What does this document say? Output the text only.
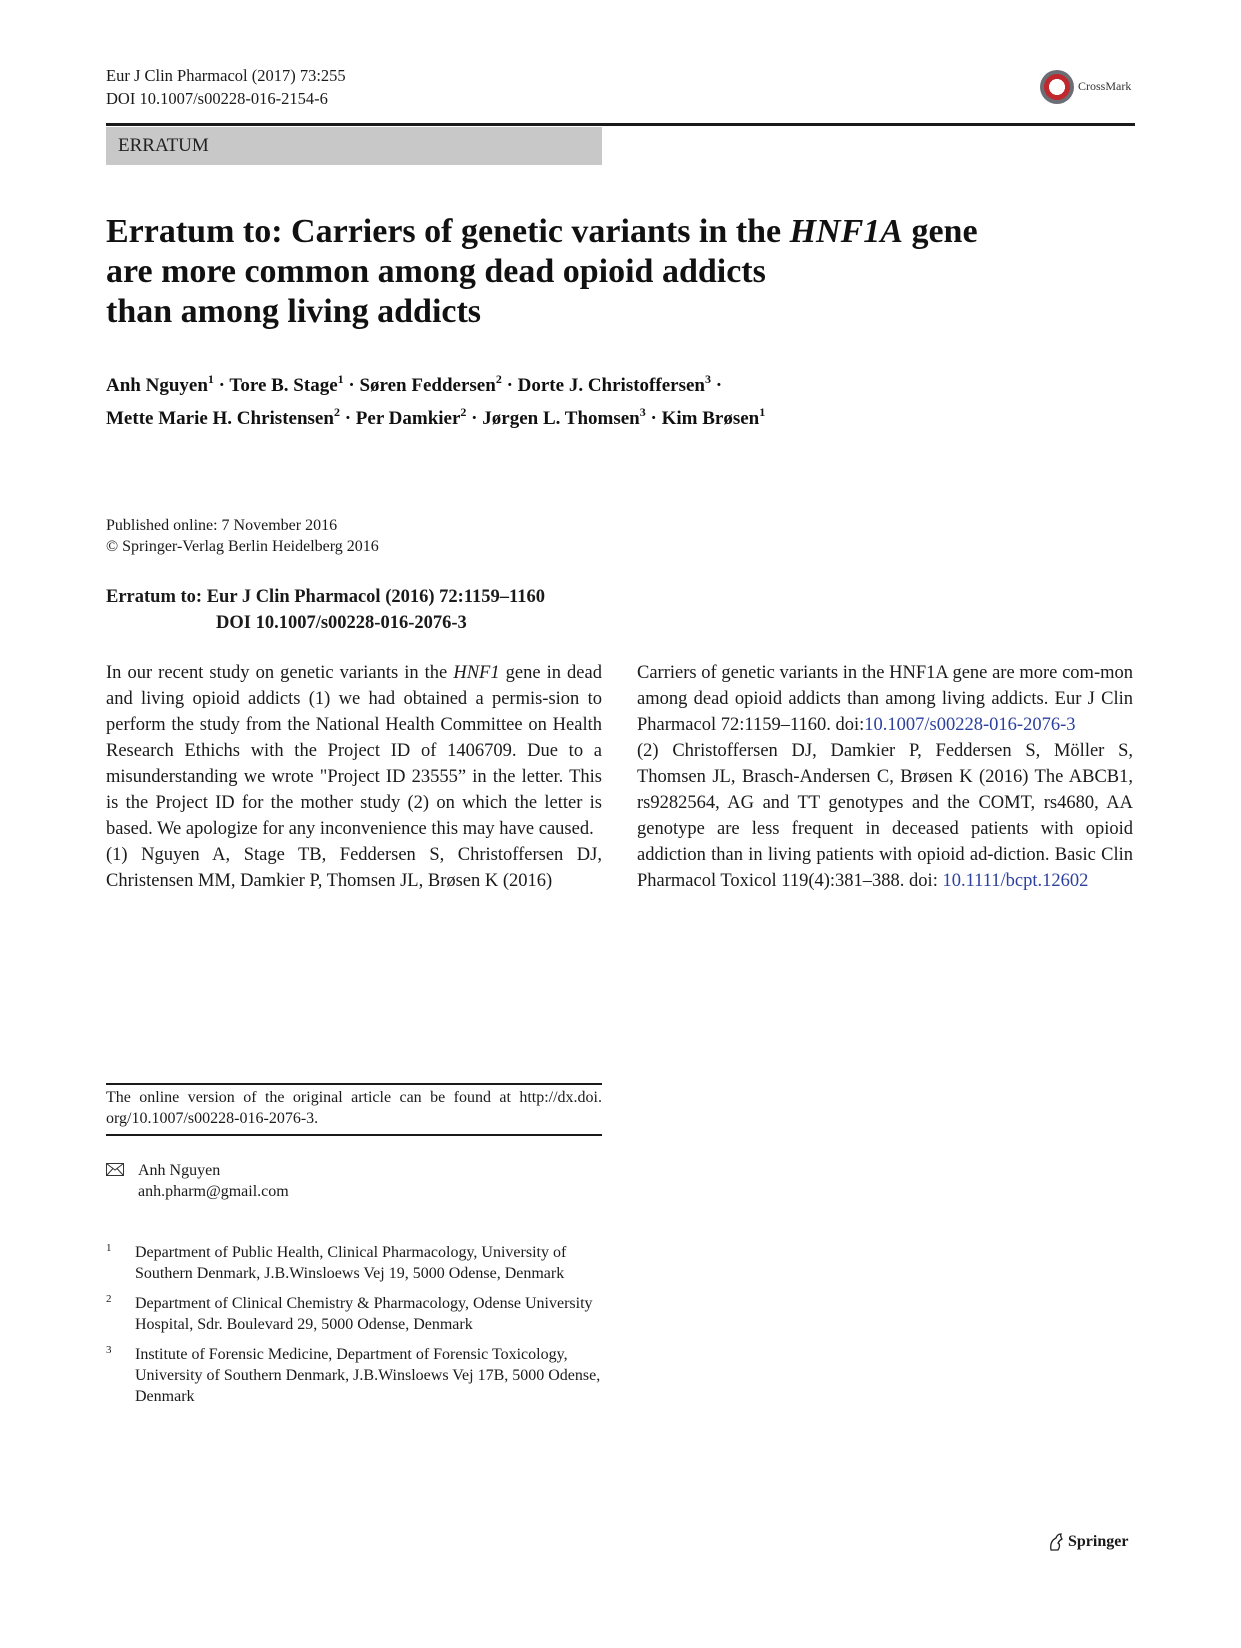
Eur J Clin Pharmacol (2017) 73:255
DOI 10.1007/s00228-016-2154-6
CrossMark
ERRATUM
Erratum to: Carriers of genetic variants in the HNF1A gene
are more common among dead opioid addicts
than among living addicts
Anh Nguyen$^1$ · Tore B. Stage$^1$ · Søren Feddersen$^2$ · Dorte J. Christoffersen$^3$ ·
Mette Marie H. Christensen$^2$ · Per Damkier$^2$ · Jørgen L. Thomsen$^3$ · Kim Brøsen$^1$
Published online: 7 November 2016
© Springer-Verlag Berlin Heidelberg 2016
Erratum to: Eur J Clin Pharmacol (2016) 72:1159–1160
DOI 10.1007/s00228-016-2076-3

In our recent study on genetic variants in the HNF1 gene in dead and living opioid addicts (1) we had obtained a permis-sion to perform the study from the National Health Committee on Health Research Ethichs with the Project ID of 1406709. Due to a misunderstanding we wrote "Project ID 23555” in the letter. This is the Project ID for the mother study (2) on which the letter is based. We apologize for any inconvenience this may have caused.

(1) Nguyen A, Stage TB, Feddersen S, Christoffersen DJ, Christensen MM, Damkier P, Thomsen JL, Brøsen K (2016)

Carriers of genetic variants in the HNF1A gene are more com-mon among dead opioid addicts than among living addicts. Eur J Clin Pharmacol 72:1159–1160. doi:10.1007/s00228-016-2076-3

(2) Christoffersen DJ, Damkier P, Feddersen S, Möller S, Thomsen JL, Brasch-Andersen C, Brøsen K (2016) The ABCB1, rs9282564, AG and TT genotypes and the COMT, rs4680, AA genotype are less frequent in deceased patients with opioid addiction than in living patients with opioid ad-diction. Basic Clin Pharmacol Toxicol 119(4):381–388. doi: 10.1111/bcpt.12602

The online version of the original article can be found at http://dx.doi. org/10.1007/s00228-016-2076-3.
Anh Nguyen
anh.pharm@gmail.com
1 Department of Public Health, Clinical Pharmacology, University of Southern Denmark, J.B.Winsloews Vej 19, 5000 Odense, Denmark
2 Department of Clinical Chemistry & Pharmacology, Odense University Hospital, Sdr. Boulevard 29, 5000 Odense, Denmark
3 Institute of Forensic Medicine, Department of Forensic Toxicology, University of Southern Denmark, J.B.Winsloews Vej 17B, 5000 Odense, Denmark
Springer
